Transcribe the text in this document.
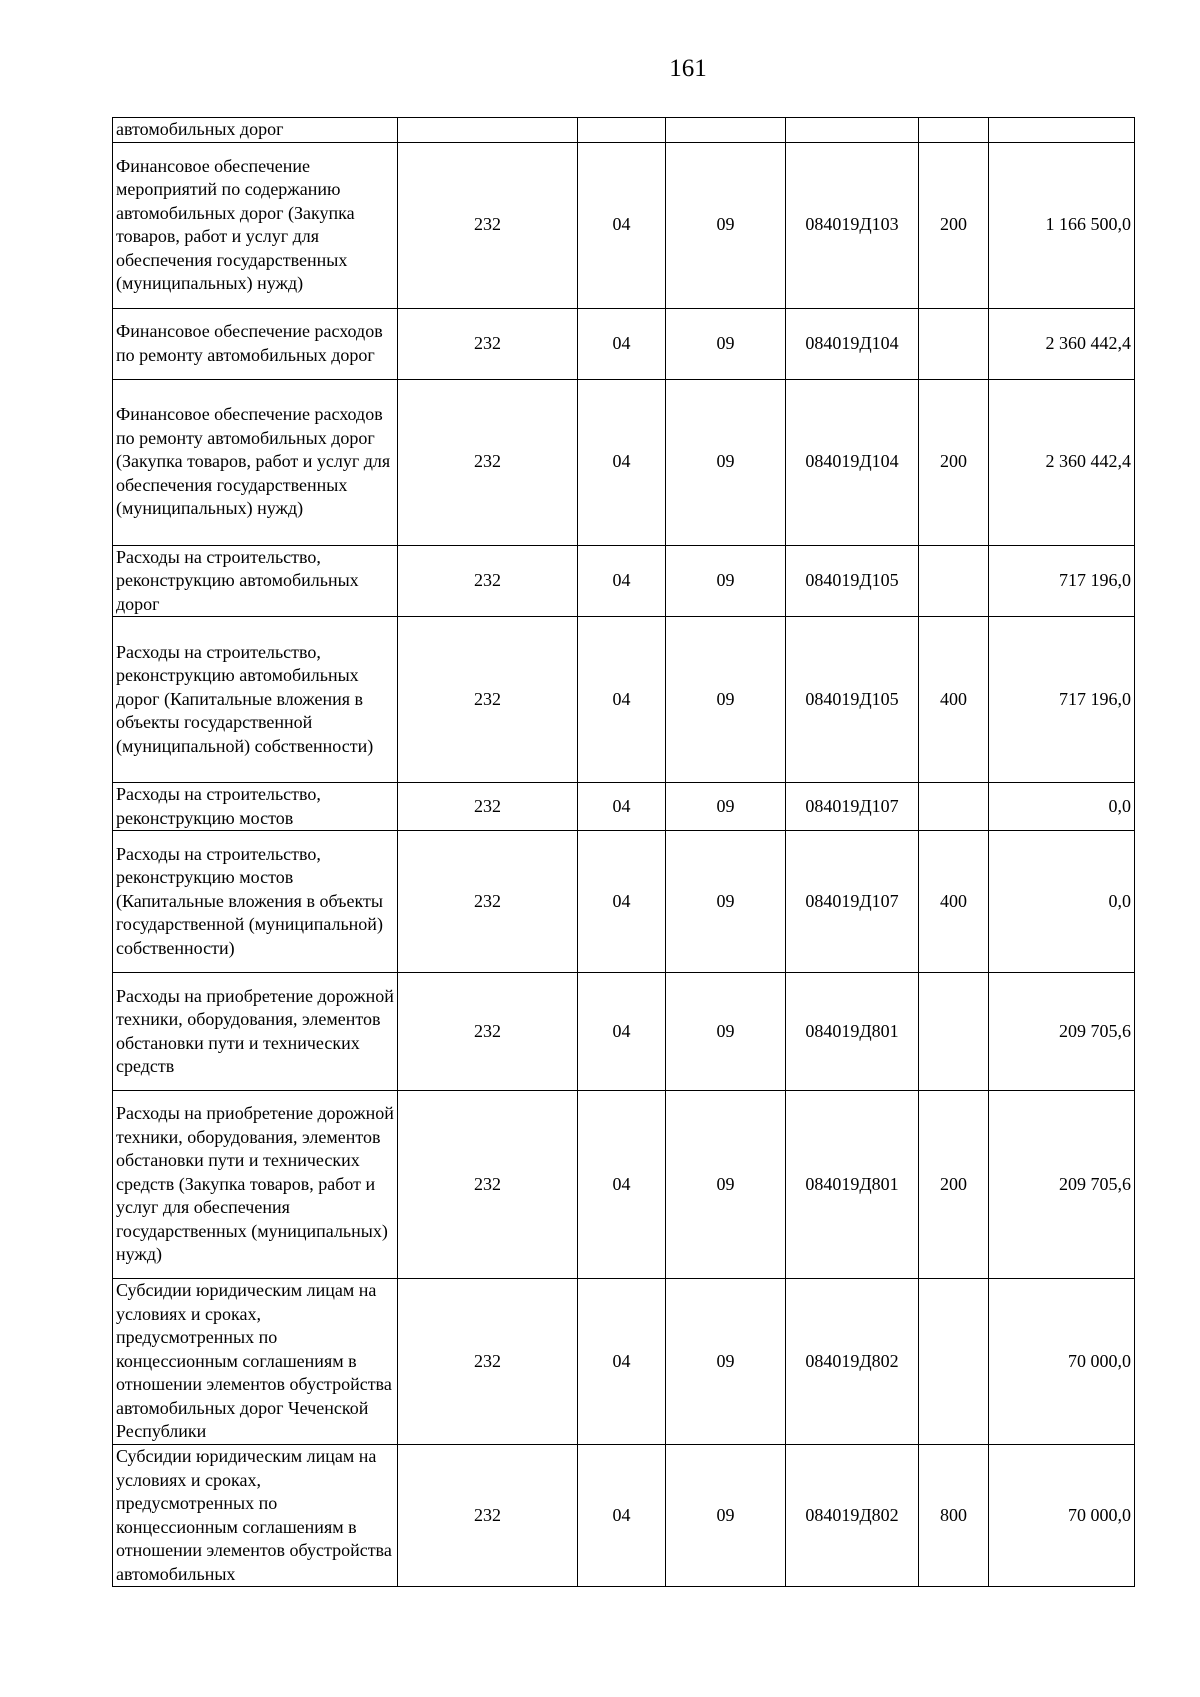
161
автомобильных дорог						
Финансовое обеспечение мероприятий по содержанию автомобильных дорог (Закупка товаров, работ и услуг для обеспечения государственных (муниципальных) нужд)	232	04	09	084019Д103	200	1 166 500,0
Финансовое обеспечение расходов по ремонту автомобильных дорог	232	04	09	084019Д104		2 360 442,4
Финансовое обеспечение расходов по ремонту автомобильных дорог (Закупка товаров, работ и услуг для обеспечения государственных (муниципальных) нужд)	232	04	09	084019Д104	200	2 360 442,4
Расходы на строительство, реконструкцию автомобильных дорог	232	04	09	084019Д105		717 196,0
Расходы на строительство, реконструкцию автомобильных дорог (Капитальные вложения в объекты государственной (муниципальной) собственности)	232	04	09	084019Д105	400	717 196,0
Расходы на строительство, реконструкцию мостов	232	04	09	084019Д107		0,0
Расходы на строительство, реконструкцию мостов (Капитальные вложения в объекты государственной (муниципальной) собственности)	232	04	09	084019Д107	400	0,0
Расходы на приобретение дорожной техники, оборудования, элементов обстановки пути и технических средств	232	04	09	084019Д801		209 705,6
Расходы на приобретение дорожной техники, оборудования, элементов обстановки пути и технических средств (Закупка товаров, работ и услуг для обеспечения государственных (муниципальных) нужд)	232	04	09	084019Д801	200	209 705,6
Субсидии юридическим лицам на условиях и сроках, предусмотренных по концессионным соглашениям в отношении элементов обустройства автомобильных дорог Чеченской Республики	232	04	09	084019Д802		70 000,0
Субсидии юридическим лицам на условиях и сроках, предусмотренных по концессионным соглашениям в отношении элементов обустройства автомобильных	232	04	09	084019Д802	800	70 000,0
